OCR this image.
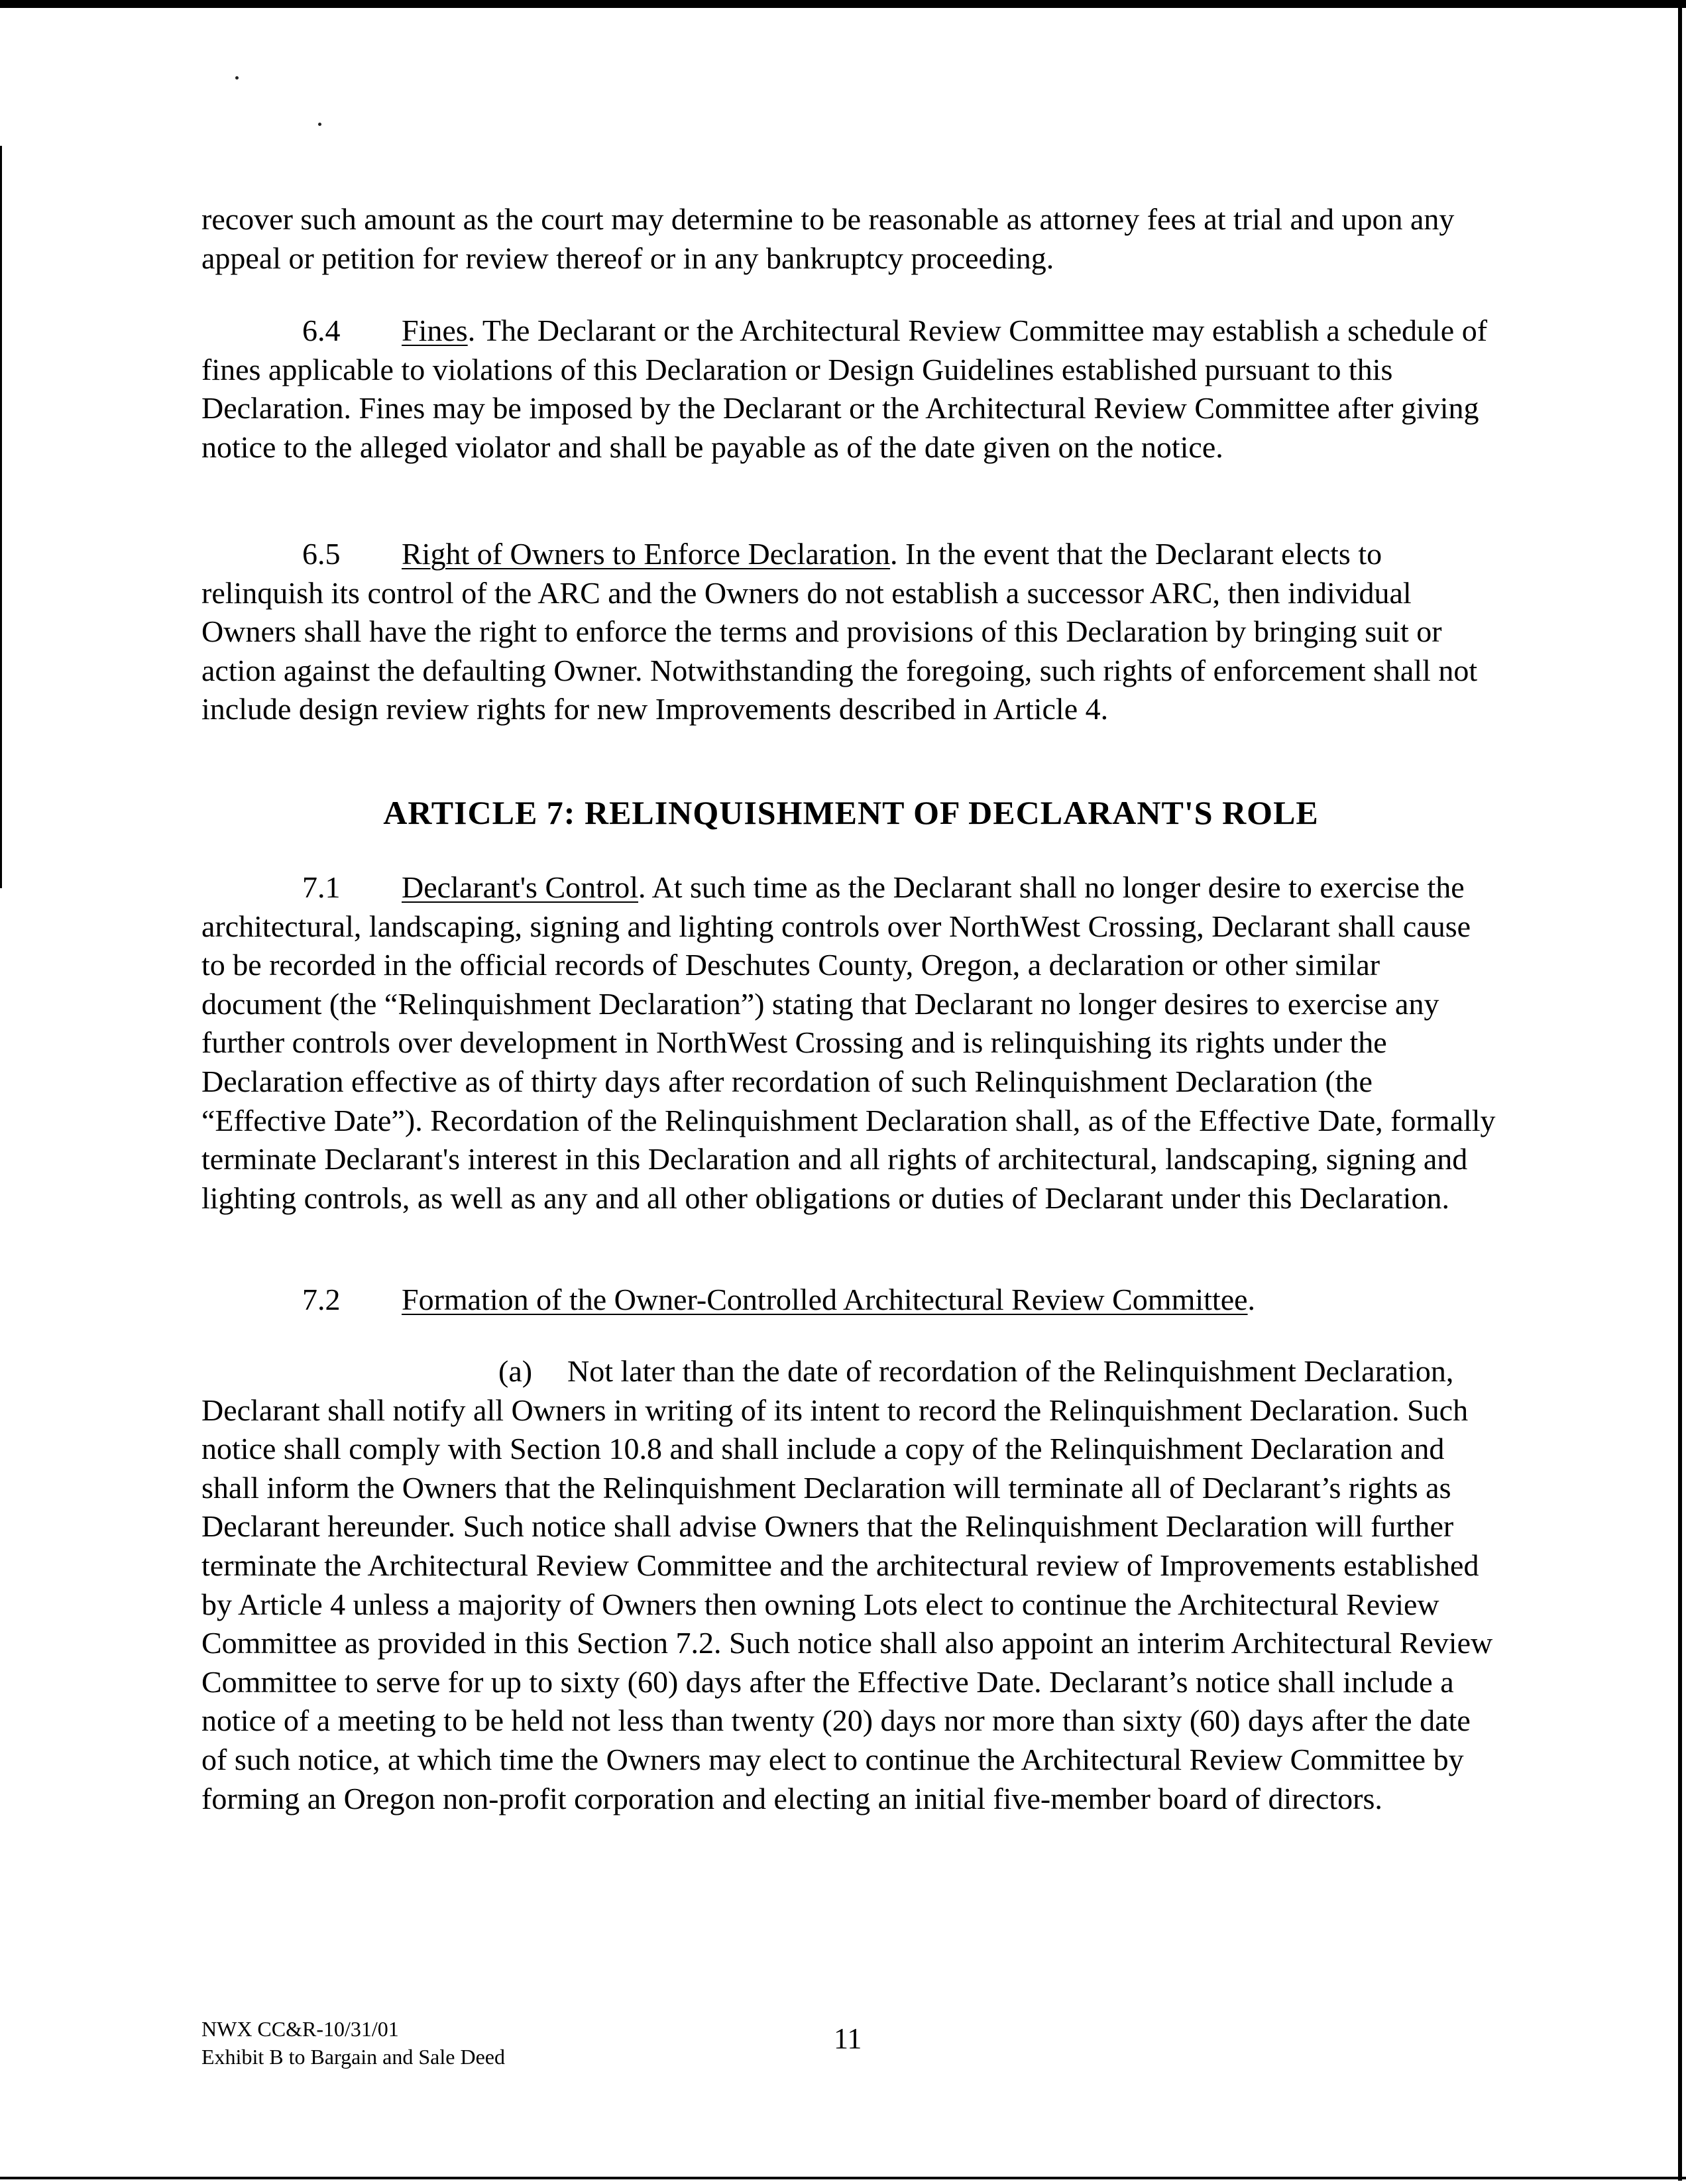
recover such amount as the court may determine to be reasonable as attorney fees at trial and upon any appeal or petition for review thereof or in any bankruptcy proceeding.

6.4 Fines. The Declarant or the Architectural Review Committee may establish a schedule of fines applicable to violations of this Declaration or Design Guidelines established pursuant to this Declaration. Fines may be imposed by the Declarant or the Architectural Review Committee after giving notice to the alleged violator and shall be payable as of the date given on the notice.

6.5 Right of Owners to Enforce Declaration. In the event that the Declarant elects to relinquish its control of the ARC and the Owners do not establish a successor ARC, then individual Owners shall have the right to enforce the terms and provisions of this Declaration by bringing suit or action against the defaulting Owner. Notwithstanding the foregoing, such rights of enforcement shall not include design review rights for new Improvements described in Article 4.

ARTICLE 7: RELINQUISHMENT OF DECLARANT'S ROLE

7.1 Declarant's Control. At such time as the Declarant shall no longer desire to exercise the architectural, landscaping, signing and lighting controls over NorthWest Crossing, Declarant shall cause to be recorded in the official records of Deschutes County, Oregon, a declaration or other similar document (the “Relinquishment Declaration”) stating that Declarant no longer desires to exercise any further controls over development in NorthWest Crossing and is relinquishing its rights under the Declaration effective as of thirty days after recordation of such Relinquishment Declaration (the “Effective Date”). Recordation of the Relinquishment Declaration shall, as of the Effective Date, formally terminate Declarant's interest in this Declaration and all rights of architectural, landscaping, signing and lighting controls, as well as any and all other obligations or duties of Declarant under this Declaration.

7.2 Formation of the Owner-Controlled Architectural Review Committee.

(a) Not later than the date of recordation of the Relinquishment Declaration, Declarant shall notify all Owners in writing of its intent to record the Relinquishment Declaration. Such notice shall comply with Section 10.8 and shall include a copy of the Relinquishment Declaration and shall inform the Owners that the Relinquishment Declaration will terminate all of Declarant’s rights as Declarant hereunder. Such notice shall advise Owners that the Relinquishment Declaration will further terminate the Architectural Review Committee and the architectural review of Improvements established by Article 4 unless a majority of Owners then owning Lots elect to continue the Architectural Review Committee as provided in this Section 7.2. Such notice shall also appoint an interim Architectural Review Committee to serve for up to sixty (60) days after the Effective Date. Declarant’s notice shall include a notice of a meeting to be held not less than twenty (20) days nor more than sixty (60) days after the date of such notice, at which time the Owners may elect to continue the Architectural Review Committee by forming an Oregon non-profit corporation and electing an initial five-member board of directors.

NWX CC&R-10/31/01
Exhibit B to Bargain and Sale Deed
11
